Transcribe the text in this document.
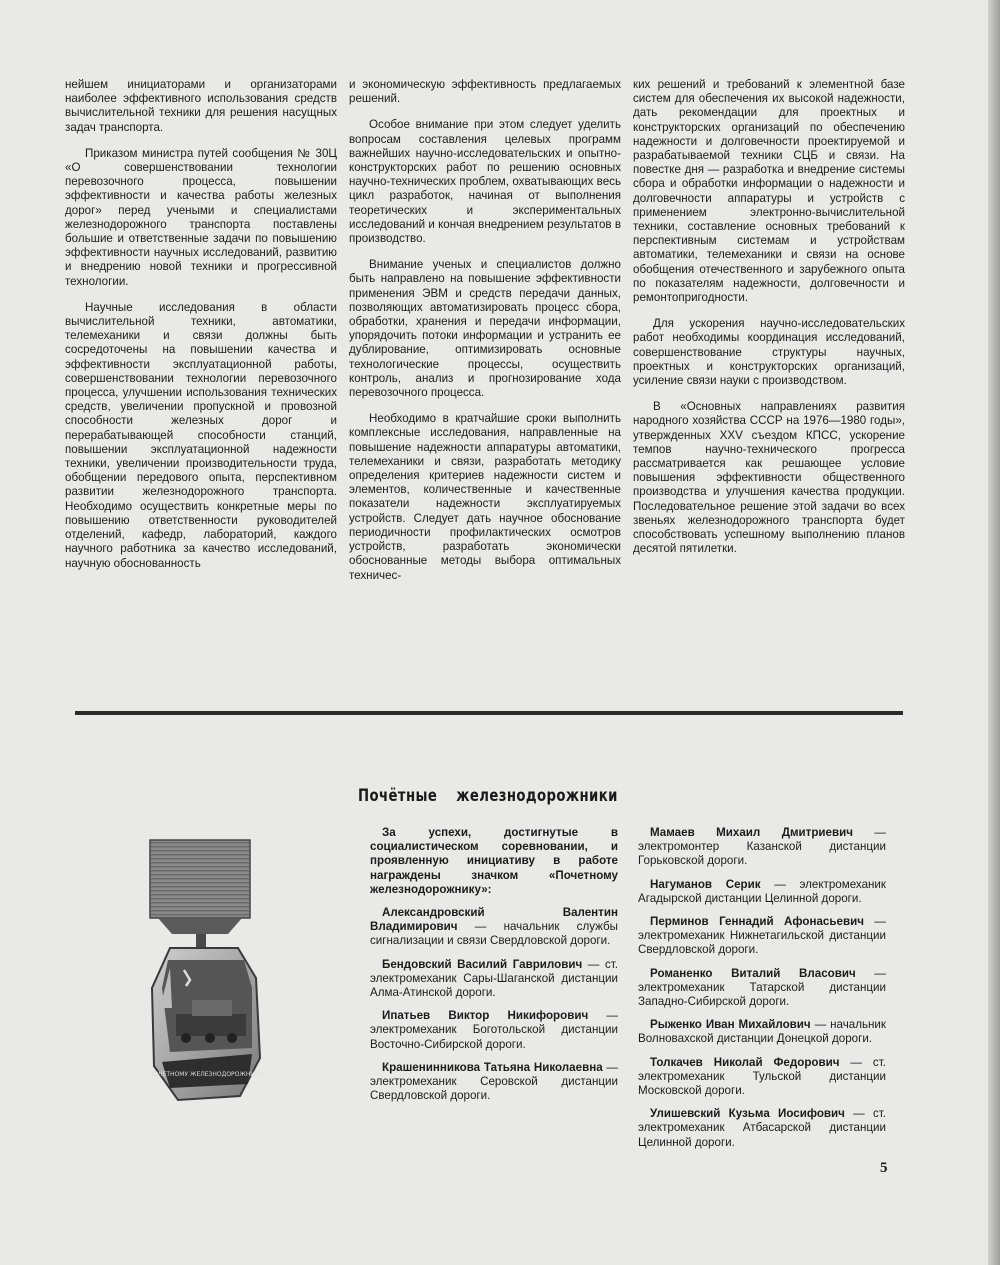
нейшем инициаторами и организаторами наиболее эффективного использования средств вычислительной техники для решения насущных задач транспорта.

Приказом министра путей сообщения № 30Ц «О совершенствовании технологии перевозочного процесса, повышении эффективности и качества работы железных дорог» перед учеными и специалистами железнодорожного транспорта поставлены большие и ответственные задачи по повышению эффективности научных исследований, развитию и внедрению новой техники и прогрессивной технологии.

Научные исследования в области вычислительной техники, автоматики, телемеханики и связи должны быть сосредоточены на повышении качества и эффективности эксплуатационной работы, совершенствовании технологии перевозочного процесса, улучшении использования технических средств, увеличении пропускной и провозной способности железных дорог и перерабатывающей способности станций, повышении эксплуатационной надежности техники, увеличении производительности труда, обобщении передового опыта, перспективном развитии железнодорожного транспорта. Необходимо осуществить конкретные меры по повышению ответственности руководителей отделений, кафедр, лабораторий, каждого научного работника за качество исследований, научную обоснованность

и экономическую эффективность предлагаемых решений.

Особое внимание при этом следует уделить вопросам составления целевых программ важнейших научно-исследовательских и опытно-конструкторских работ по решению основных научно-технических проблем, охватывающих весь цикл разработок, начиная от выполнения теоретических и экспериментальных исследований и кончая внедрением результатов в производство.

Внимание ученых и специалистов должно быть направлено на повышение эффективности применения ЭВМ и средств передачи данных, позволяющих автоматизировать процесс сбора, обработки, хранения и передачи информации, упорядочить потоки информации и устранить ее дублирование, оптимизировать основные технологические процессы, осуществить контроль, анализ и прогнозирование хода перевозочного процесса.

Необходимо в кратчайшие сроки выполнить комплексные исследования, направленные на повышение надежности аппаратуры автоматики, телемеханики и связи, разработать методику определения критериев надежности систем и элементов, количественные и качественные показатели надежности эксплуатируемых устройств. Следует дать научное обоснование периодичности профилактических осмотров устройств, разработать экономически обоснованные методы выбора оптимальных техничес-

ких решений и требований к элементной базе систем для обеспечения их высокой надежности, дать рекомендации для проектных и конструкторских организаций по обеспечению надежности и долговечности проектируемой и разрабатываемой техники СЦБ и связи. На повестке дня — разработка и внедрение системы сбора и обработки информации о надежности и долговечности аппаратуры и устройств с применением электронно-вычислительной техники, составление основных требований к перспективным системам и устройствам автоматики, телемеханики и связи на основе обобщения отечественного и зарубежного опыта по показателям надежности, долговечности и ремонтопригодности.

Для ускорения научно-исследовательских работ необходимы координация исследований, совершенствование структуры научных, проектных и конструкторских организаций, усиление связи науки с производством.

В «Основных направлениях развития народного хозяйства СССР на 1976—1980 годы», утвержденных XXV съездом КПСС, ускорение темпов научно-технического прогресса рассматривается как решающее условие повышения эффективности общественного производства и улучшения качества продукции. Последовательное решение этой задачи во всех звеньях железнодорожного транспорта будет способствовать успешному выполнению планов десятой пятилетки.

Почётные железнодорожники
ПОЧЕТНОМУ ЖЕЛЕЗНОДОРОЖНИКУ

За успехи, достигнутые в социалистическом соревновании, и проявленную инициативу в работе награждены значком «Почетному железнодорожнику»:

Александровский Валентин Владимирович — начальник службы сигнализации и связи Свердловской дороги.

Бендовский Василий Гаврилович — ст. электромеханик Сары-Шаганской дистанции Алма-Атинской дороги.

Ипатьев Виктор Никифорович — электромеханик Боготольской дистанции Восточно-Сибирской дороги.

Крашенинникова Татьяна Николаевна — электромеханик Серовской дистанции Свердловской дороги.

Мамаев Михаил Дмитриевич — электромонтер Казанской дистанции Горьковской дороги.

Нагуманов Серик — электромеханик Агадырской дистанции Целинной дороги.

Перминов Геннадий Афонасьевич — электромеханик Нижнетагильской дистанции Свердловской дороги.

Романенко Виталий Власович — электромеханик Татарской дистанции Западно-Сибирской дороги.

Рыженко Иван Михайлович — начальник Волновахской дистанции Донецкой дороги.

Толкачев Николай Федорович — ст. электромеханик Тульской дистанции Московской дороги.

Улишевский Кузьма Иосифович — ст. электромеханик Атбасарской дистанции Целинной дороги.

5
